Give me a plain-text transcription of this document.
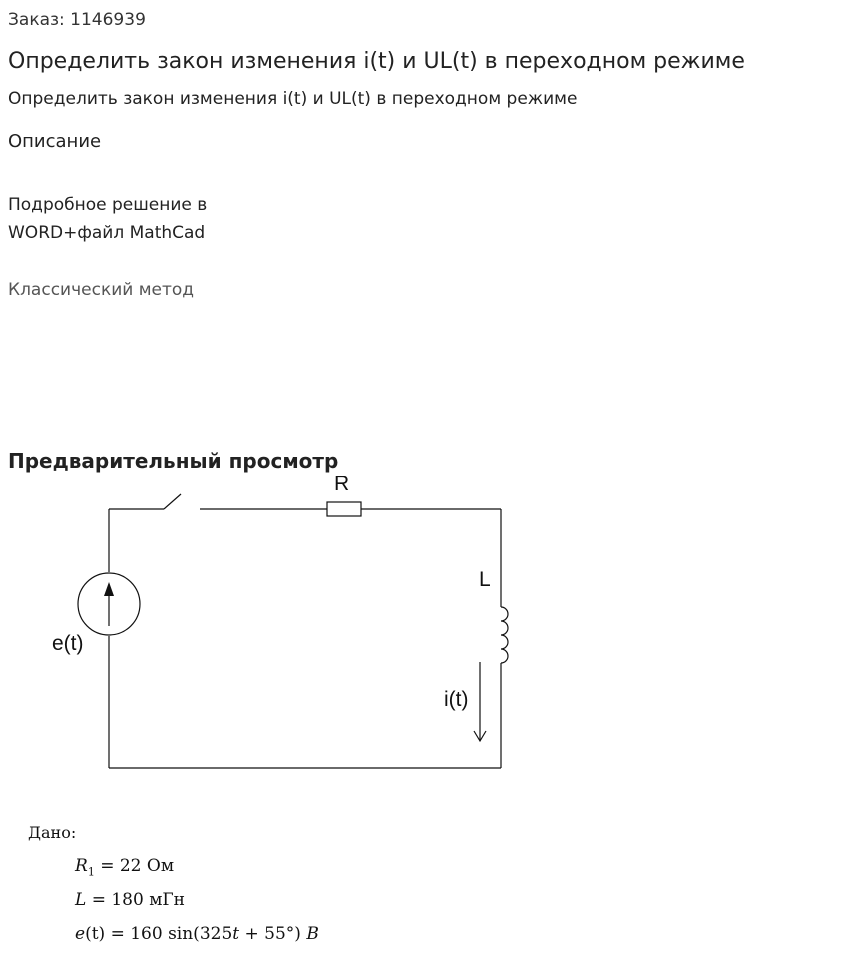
Заказ: 1146939
Определить закон изменения i(t) и UL(t) в переходном режиме
Определить закон изменения i(t) и UL(t) в переходном режиме
Описание
Подробное решение в
WORD+файл MathCad
Классический метод
Предварительный просмотр
R
L
e(t)
i(t)
Дано:
$R_1 = 22$ Ом
L = 180 мГн
e(t) = 160 sin(325t + 55°) B
